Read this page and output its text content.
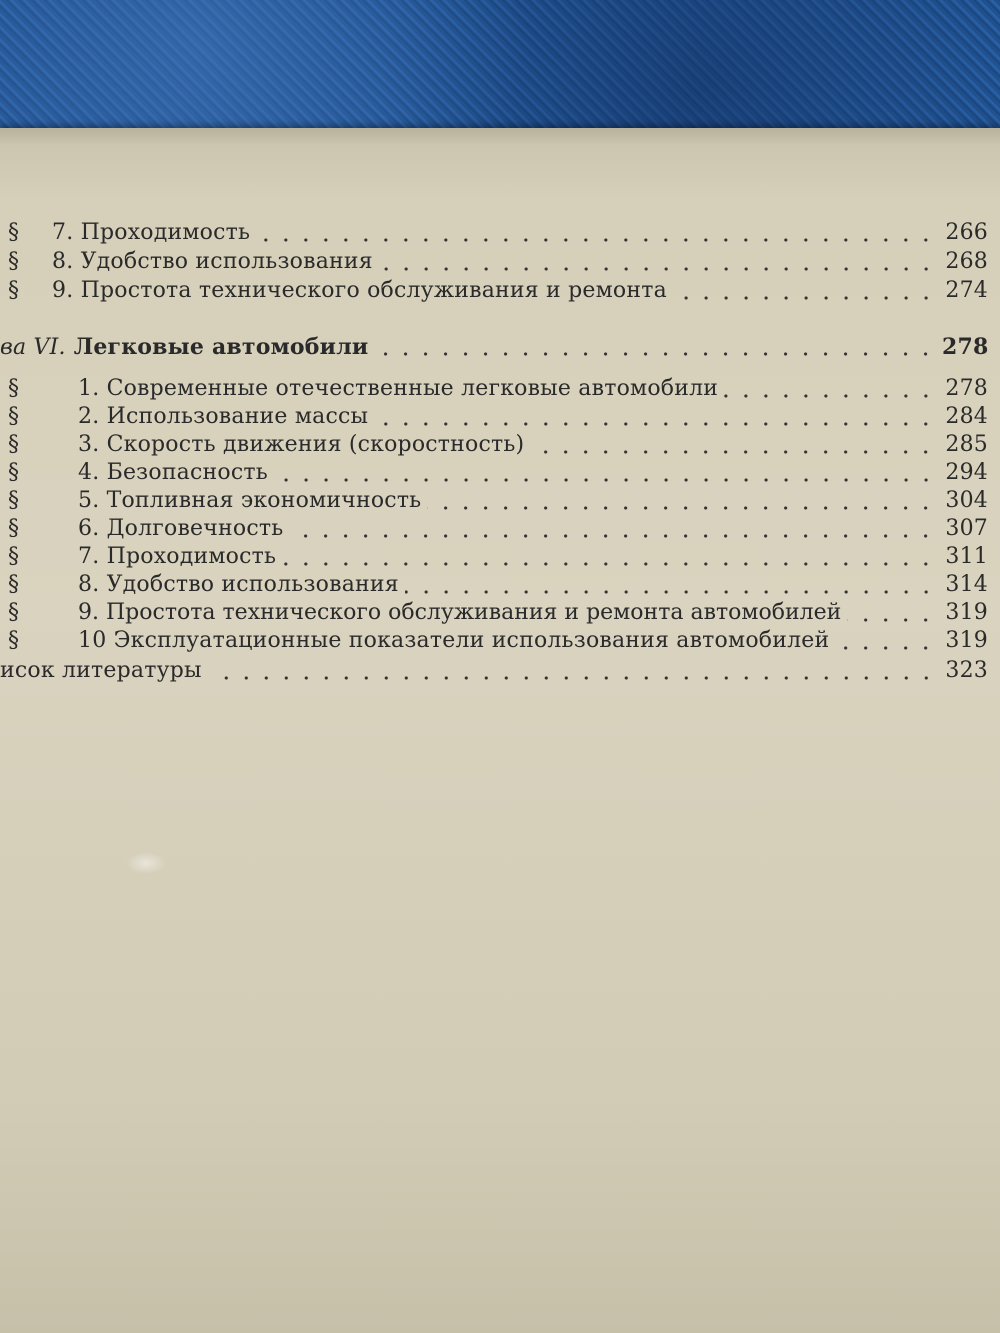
§	7. Проходимость	266
§	8. Удобство использования	268
§	9. Простота технического обслуживания и ремонта	274
ва VI. Легковые автомобили	278
§	1. Современные отечественные легковые автомобили	278
§	2. Использование массы	284
§	3. Скорость движения (скоростность)	285
§	4. Безопасность	294
§	5. Топливная экономичность	304
§	6. Долговечность	307
§	7. Проходимость	311
§	8. Удобство использования	314
§	9. Простота технического обслуживания и ремонта автомобилей	319
§	10 Эксплуатационные показатели использования автомобилей	319
исок литературы	323
